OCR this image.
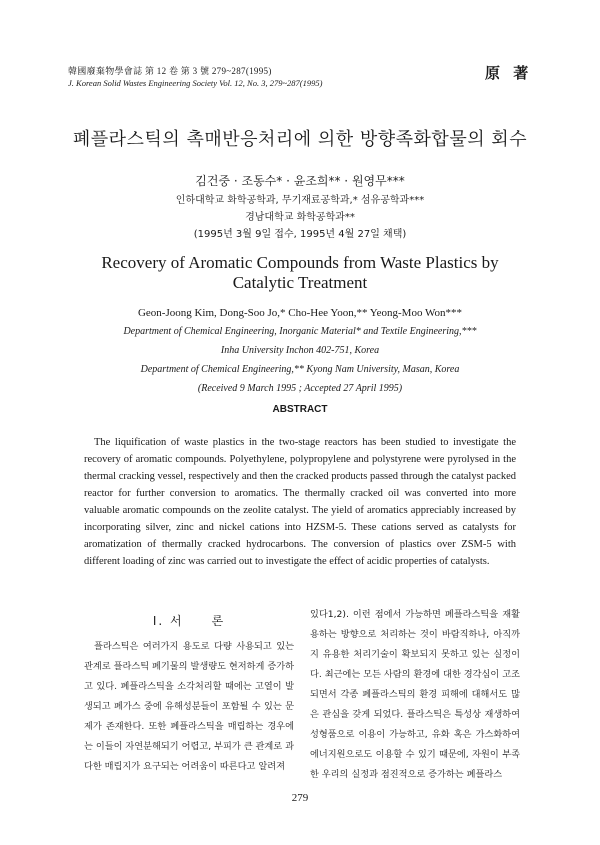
韓國廢棄物學會誌 第 12 卷 第 3 號 279~287(1995)
J. Korean Solid Wastes Engineering Society Vol. 12, No. 3, 279~287(1995)
原 著
폐플라스틱의 촉매반응처리에 의한 방향족화합물의 회수
김건중 · 조동수* · 윤조희** · 원영무***
인하대학교 화학공학과, 무기재료공학과,* 섬유공학과***
경남대학교 화학공학과**
(1995년 3월 9일 접수, 1995년 4월 27일 채택)
Recovery of Aromatic Compounds from Waste Plastics by Catalytic Treatment
Geon-Joong Kim, Dong-Soo Jo,* Cho-Hee Yoon,** Yeong-Moo Won***
Department of Chemical Engineering, Inorganic Material* and Textile Engineering,***
Inha University Inchon 402-751, Korea
Department of Chemical Engineering,** Kyong Nam University, Masan, Korea
(Received 9 March 1995 ; Accepted 27 April 1995)
ABSTRACT
The liquification of waste plastics in the two-stage reactors has been studied to investigate the recovery of aromatic compounds. Polyethylene, polypropylene and polystyrene were pyrolysed in the thermal cracking vessel, respectively and then the cracked products passed through the catalyst packed reactor for further conversion to aromatics. The thermally cracked oil was converted into more valuable aromatic compounds on the zeolite catalyst. The yield of aromatics appreciably increased by incorporating silver, zinc and nickel cations into HZSM-5. These cations served as catalysts for aromatization of thermally cracked hydrocarbons. The conversion of plastics over ZSM-5 with different loading of zinc was carried out to investigate the effect of acidic properties of catalysts.
I. 서　　론
플라스틱은 여러가지 용도로 다량 사용되고 있는 관계로 플라스틱 폐기물의 발생량도 현저하게 증가하고 있다. 폐플라스틱을 소각처리할 때에는 고열이 발생되고 폐가스 중에 유해성분들이 포함될 수 있는 문제가 존재한다. 또한 폐플라스틱을 매립하는 경우에는 이들이 자연분해되기 어렵고, 부피가 큰 관계로 과다한 매립지가 요구되는 어려움이 따른다고 알려져
있다1,2). 이런 점에서 가능하면 폐플라스틱을 재활용하는 방향으로 처리하는 것이 바람직하나, 아직까지 유용한 처리기술이 확보되지 못하고 있는 실정이다. 최근에는 모든 사람의 환경에 대한 경각심이 고조되면서 각종 폐플라스틱의 환경 피해에 대해서도 많은 관심을 갖게 되었다. 플라스틱은 특성상 재생하여 성형품으로 이용이 가능하고, 유화 혹은 가스화하여 에너지원으로도 이용할 수 있기 때문에, 자원이 부족한 우리의 실정과 점진적으로 증가하는 폐플라스
279
